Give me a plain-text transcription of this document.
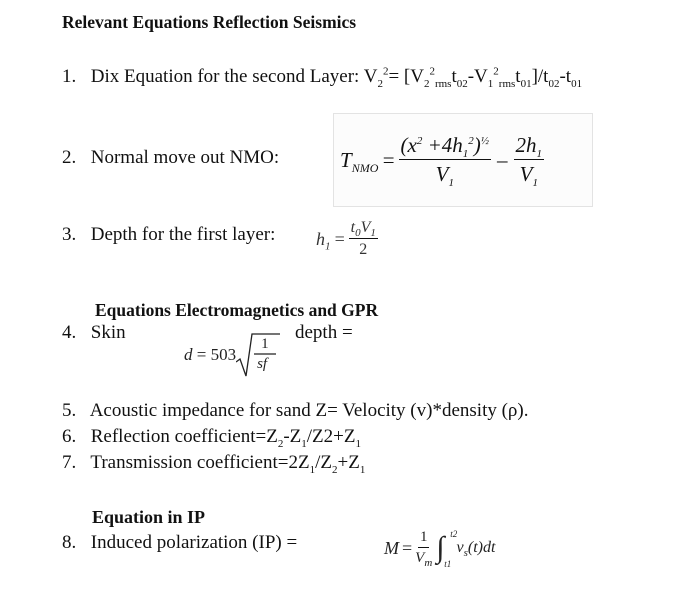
Relevant Equations Reflection Seismics
1. Dix Equation for the second Layer: $V_2^2= [V_2^2_{rms}t_{02}-V_1^2_{rms}t_{01}]/t_{02}-t_{01}$
2. Normal move out NMO:	$T_{NMO} = \frac{(x^2 +4h_1^2)^{\frac{1}{2}}}{V_1} - \frac{2h_1}{V_1}$
3. Depth for the first layer: $h_1 = \frac{t_0V_1}{2}$
Equations Electromagnetics and GPR
4. Skin	depth =
d = 503
1
sf
5. Acoustic impedance for sand Z= Velocity (v)*density (ρ).
6. Reflection $coefficient=Z_2-Z_1/Z2+Z_1$
7. Transmission $coefficient=2Z_1/Z_2+Z_1$
Equation in IP
8. Induced polarization (IP) =	$M = \frac{1}{V_m}$ ∫ t2
t1
$v_s(t)dt$
